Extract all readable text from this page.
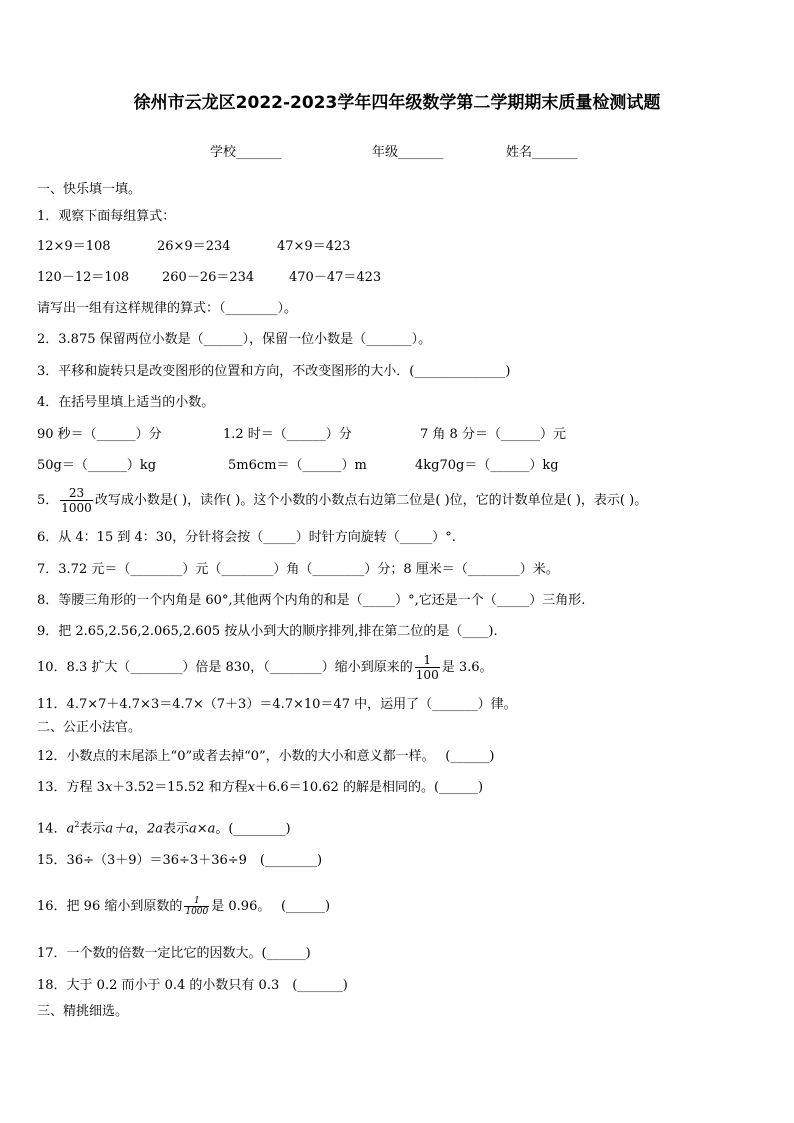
徐州市云龙区2022-2023学年四年级数学第二学期期末质量检测试题
学校_______	年级_______	姓名_______
一、快乐填一填。
1．观察下面每组算式：
12×9＝108	26×9＝234	47×9＝423
120－12＝108	260－26＝234	470－47＝423
请写出一组有这样规律的算式：（________）。
2．3.875 保留两位小数是（______），保留一位小数是（_______）。
3．平移和旋转只是改变图形的位置和方向，不改变图形的大小．(______________)
4．在括号里填上适当的小数。
90 秒＝（______）分	1.2 时＝（______）分	7 角 8 分＝（______）元
50g＝（______）kg	5m6cm＝（______）m	4kg70g＝（______）kg
5． $\frac{23}{1000}$ 改写成小数是( )，读作( )。这个小数的小数点右边第二位是( )位，它的计数单位是( )，表示( )。
6．从 4：15 到 4：30，分针将会按（_____）时针方向旋转（_____）°.
7．3.72 元＝（________）元（________）角（________）分；8 厘米＝（________）米。
8．等腰三角形的一个内角是 60°,其他两个内角的和是（_____）°,它还是一个（_____）三角形.
9．把 2.65,2.56,2.065,2.605 按从小到大的顺序排列,排在第二位的是（____).
10．8.3 扩大（________）倍是 830，（________）缩小到原来的 $\frac{1}{100}$ 是 3.6。
11．4.7×7＋4.7×3＝4.7×（7＋3）＝4.7×10＝47 中，运用了（_______）律。
二、公正小法官。
12．小数点的末尾添上“0”或者去掉“0”，小数的大小和意义都一样。　 (______)
13．方程 3x＋3.52＝15.52 和方程x＋6.6＝10.62 的解是相同的。(______)
14．$a^2$表示a＋a，2a表示a×a。(________)
15．36÷（3＋9）＝36÷3＋36÷9　(________)
16．把 96 缩小到原数的 $\frac{1}{1000}$ 是 0.96。　 (______)
17．一个数的倍数一定比它的因数大。(______)
18．大于 0.2 而小于 0.4 的小数只有 0.3　(_______)
三、精挑细选。
